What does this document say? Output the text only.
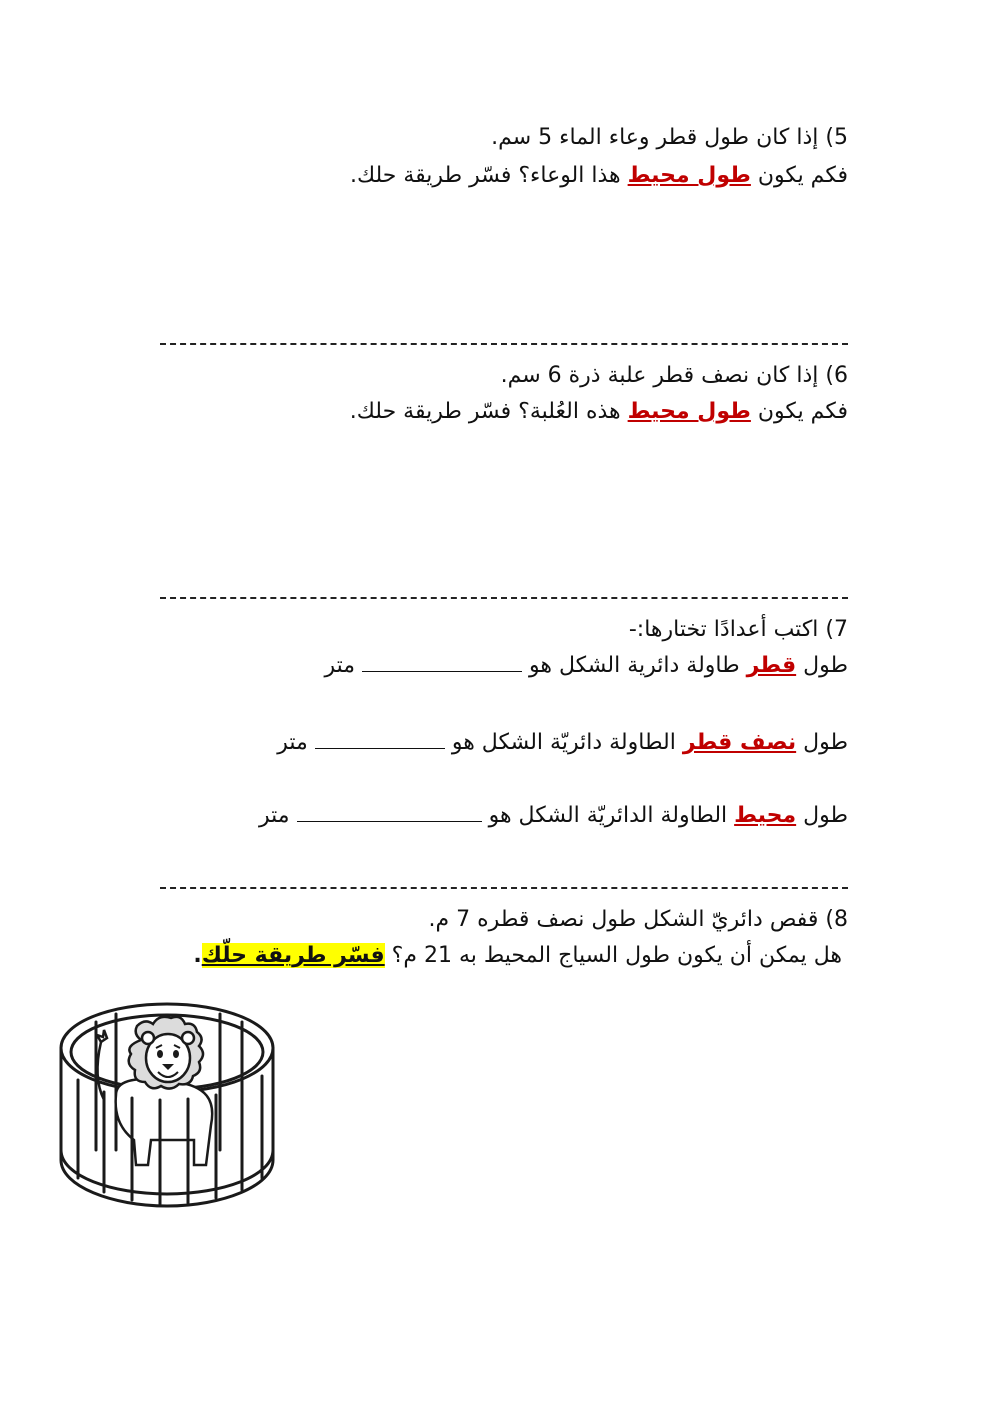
5) إذا كان طول قطر وعاء الماء 5 سم.
فكم يكون طول محيط هذا الوعاء؟ فسّر طريقة حلك.
6) إذا كان نصف قطر علبة ذرة 6 سم.
فكم يكون طول محيط هذه العُلبة؟ فسّر طريقة حلك.
7) اكتب أعدادًا تختارها:-
طول قطر طاولة دائرية الشكل هو  متر
طول نصف قطر الطاولة دائريّة الشكل هو  متر
طول محيط الطاولة الدائريّة الشكل هو  متر
8) قفص دائريّ الشكل طول نصف قطره 7 م.
هل يمكن أن يكون طول السياج المحيط به 21 م؟ فسّر طريقة حلّك.
